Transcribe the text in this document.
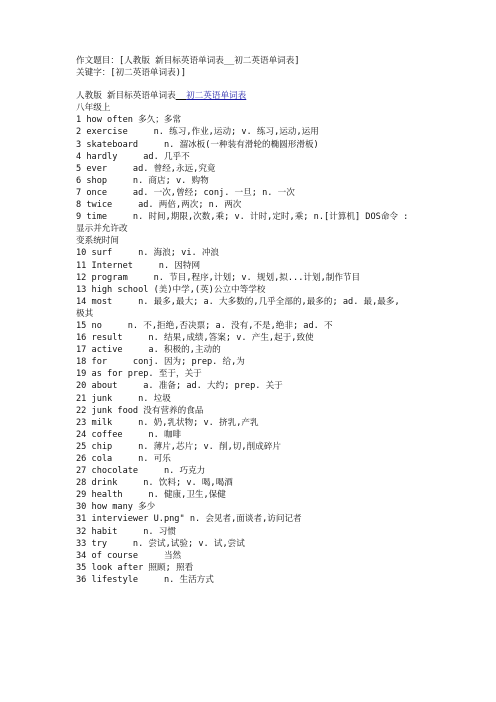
作文题目：[人教版 新目标英语单词表__初二英语单词表]
关键字：[初二英语单词表)]
人教版 新目标英语单词表__初二英语单词表
八年级上
1 how often 多久；多常
2 exercise     n. 练习,作业,运动; v. 练习,运动,运用
3 skateboard     n. 溜冰板(一种装有滑轮的椭圆形滑板)
4 hardly     ad. 几乎不
5 ever     ad. 曾经,永远,究竟
6 shop     n. 商店; v. 购物
7 once     ad. 一次,曾经; conj. 一旦; n. 一次
8 twice     ad. 两倍,两次; n. 两次
9 time     n. 时间,期限,次数,乘; v. 计时,定时,乘; n.[计算机] DOS命令 :
显示并允许改
变系统时间
10 surf     n. 海浪; vi. 冲浪
11 Internet     n. 因特网
12 program     n. 节目,程序,计划; v. 规划,拟...计划,制作节目
13 high school (美)中学,(英)公立中等学校
14 most     n. 最多,最大; a. 大多数的,几乎全部的,最多的; ad. 最,最多,
极其
15 no     n. 不,拒绝,否决票; a. 没有,不是,绝非; ad. 不
16 result     n. 结果,成绩,答案; v. 产生,起于,致使
17 active     a. 积极的,主动的
18 for     conj. 因为; prep. 给,为
19 as for prep. 至于，关于
20 about     a. 准备; ad. 大约; prep. 关于
21 junk     n. 垃圾
22 junk food 没有营养的食品
23 milk     n. 奶,乳状物; v. 挤乳,产乳
24 coffee     n. 咖啡
25 chip     n. 薄片,芯片; v. 削,切,削成碎片
26 cola     n. 可乐
27 chocolate     n. 巧克力
28 drink     n. 饮料; v. 喝,喝酒
29 health     n. 健康,卫生,保健
30 how many 多少
31 interviewer U.png" n. 会见者,面谈者,访问记者
32 habit     n. 习惯
33 try     n. 尝试,试验; v. 试,尝试
34 of course     当然
35 look after 照顾; 照看
36 lifestyle     n. 生活方式
